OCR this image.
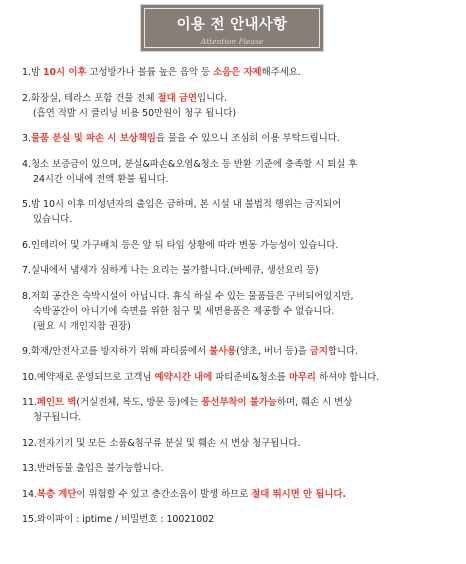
이용 전 안내사항
Attention Please
1.밤 10시 이후 고성방가나 볼륨 높은 음악 등 소음은 자제해주세요.
2.화장실, 테라스 포함 건물 전체 절대 금연입니다.
(흡연 적발 시 클리닝 비용 50만원이 청구 됩니다)
3.물품 분실 및 파손 시 보상책임을 물을 수 있으니 조심히 이용 부탁드립니다.
4.청소 보증금이 있으며, 분실&파손&오염&청소 등 반환 기준에 충족할 시 퇴실 후
24시간 이내에 전액 환불 됩니다.
5.밤 10시 이후 미성년자의 출입은 금하며, 본 시설 내 불법적 행위는 금지되어
있습니다.
6.인테리어 및 가구배치 등은 앞 뒤 타임 상황에 따라 변동 가능성이 있습니다.
7.실내에서 냄새가 심하게 나는 요리는 불가합니다.(바베큐, 생선요리 등)
8.저희 공간은 숙박시설이 아닙니다. 휴식 하실 수 있는 물품들은 구비되어있지만,
숙박공간이 아니기에 숙면을 위한 침구 및 세면용품은 제공할 수 없습니다.
(필요 시 개인지참 권장)
9.화재/안전사고를 방지하기 위해 파티룸에서 불사용(양초, 버너 등)을 금지합니다.
10.예약제로 운영되므로 고객님 예약시간 내에 파티준비&청소를 마무리 하셔야 합니다.
11.페인트 벽(거실전체, 복도, 방문 등)에는 풍선부착이 불가능하며, 훼손 시 변상
청구됩니다.
12.전자기기 및 모든 소품&침구류 분실 및 훼손 시 변상 청구됩니다.
13.반려동물 출입은 불가능합니다.
14.복층 계단이 위험할 수 있고 층간소음이 발생 하므로 절대 뛰시면 안 됩니다.
15.와이파이 : iptime / 비밀번호 : 10021002
